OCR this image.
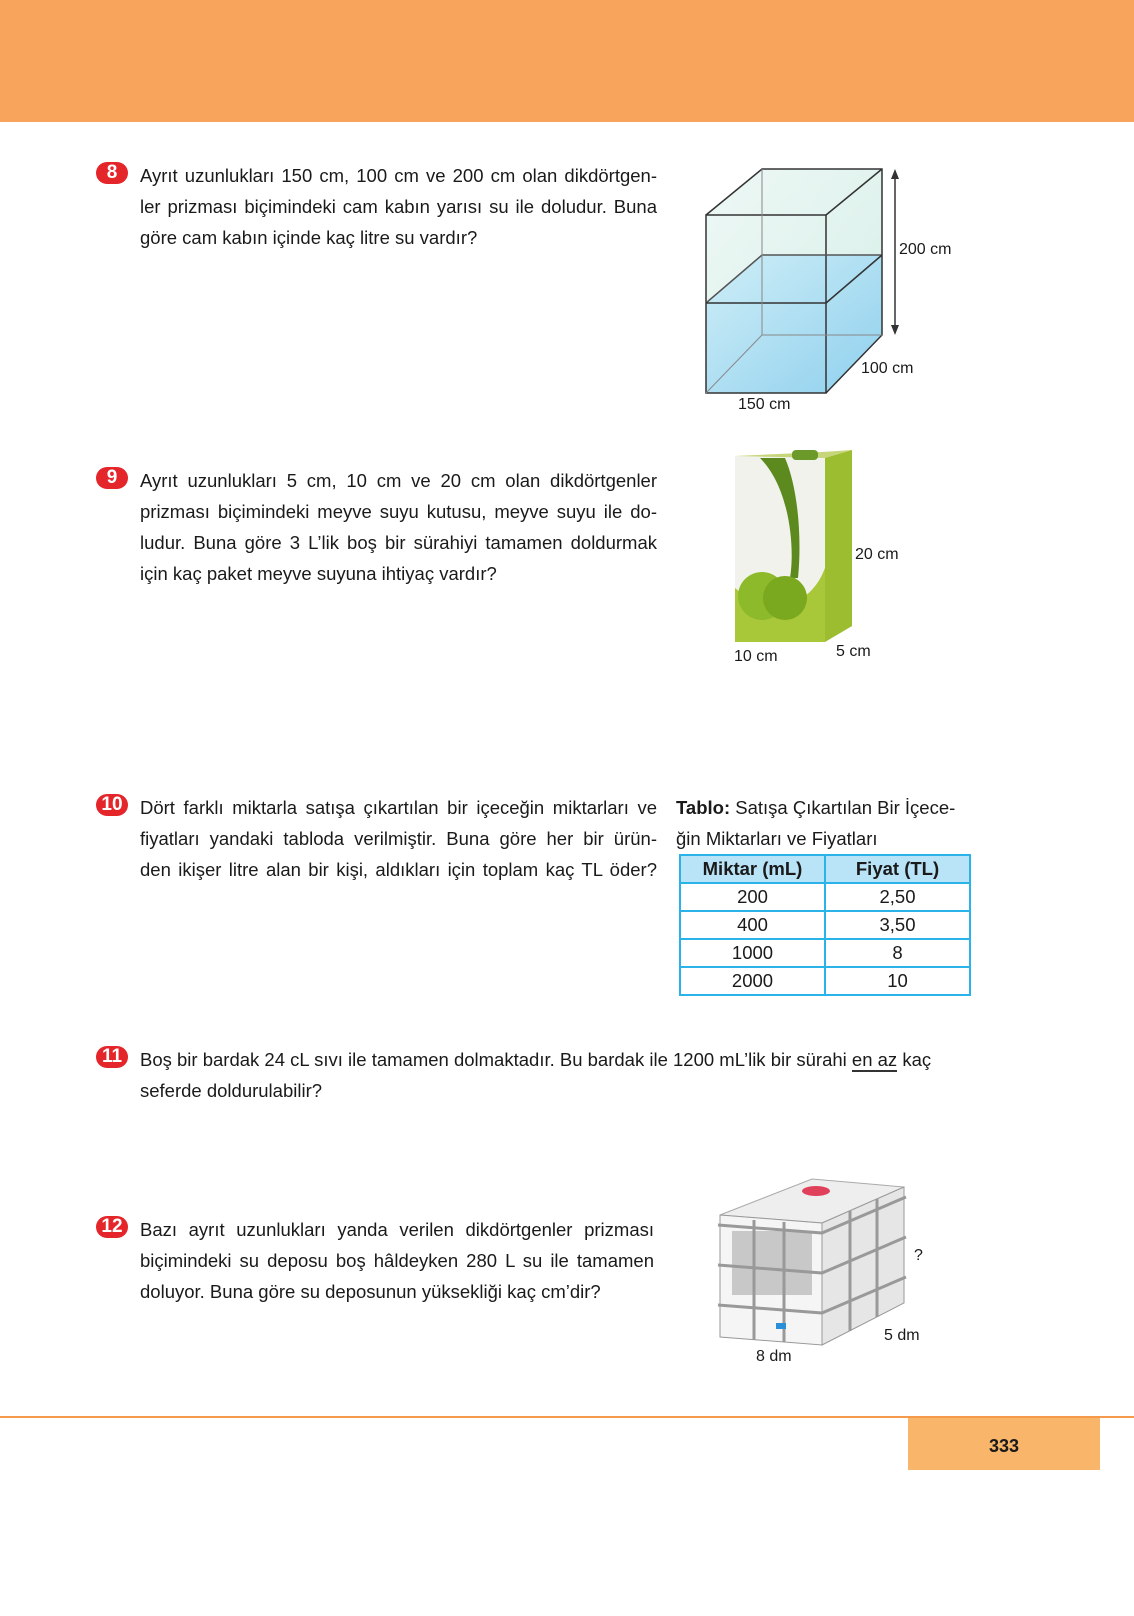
8	Ayrıt uzunlukları 150 cm, 100 cm ve 200 cm olan dikdörtgen-
ler prizması biçimindeki cam kabın yarısı su ile doludur. Buna
göre cam kabın içinde kaç litre su vardır?
200 cm
100 cm
150 cm
9	Ayrıt uzunlukları 5 cm, 10 cm ve 20 cm olan dikdörtgenler
prizması biçimindeki meyve suyu kutusu, meyve suyu ile do-
ludur. Buna göre 3 L’lik boş bir sürahiyi tamamen doldurmak
için kaç paket meyve suyuna ihtiyaç vardır?
20 cm
10 cm	5 cm
10 Dört farklı miktarla satışa çıkartılan bir içeceğin miktarları ve
fiyatları yandaki tabloda verilmiştir. Buna göre her bir ürün-
den ikişer litre alan bir kişi, aldıkları için toplam kaç TL öder?
Tablo: Satışa Çıkartılan Bir İçece-
ğin Miktarları ve Fiyatları
Miktar (mL)	Fiyat (TL)
200	2,50
400	3,50
1000	8
2000	10
11 Boş bir bardak 24 cL sıvı ile tamamen dolmaktadır. Bu bardak ile 1200 mL’lik bir sürahi en az kaç
seferde doldurulabilir?
12 Bazı ayrıt uzunlukları yanda verilen dikdörtgenler prizması
biçimindeki su deposu boş hâldeyken 280 L su ile tamamen
doluyor. Buna göre su deposunun yüksekliği kaç cm’dir?
?
5 dm
8 dm
333
